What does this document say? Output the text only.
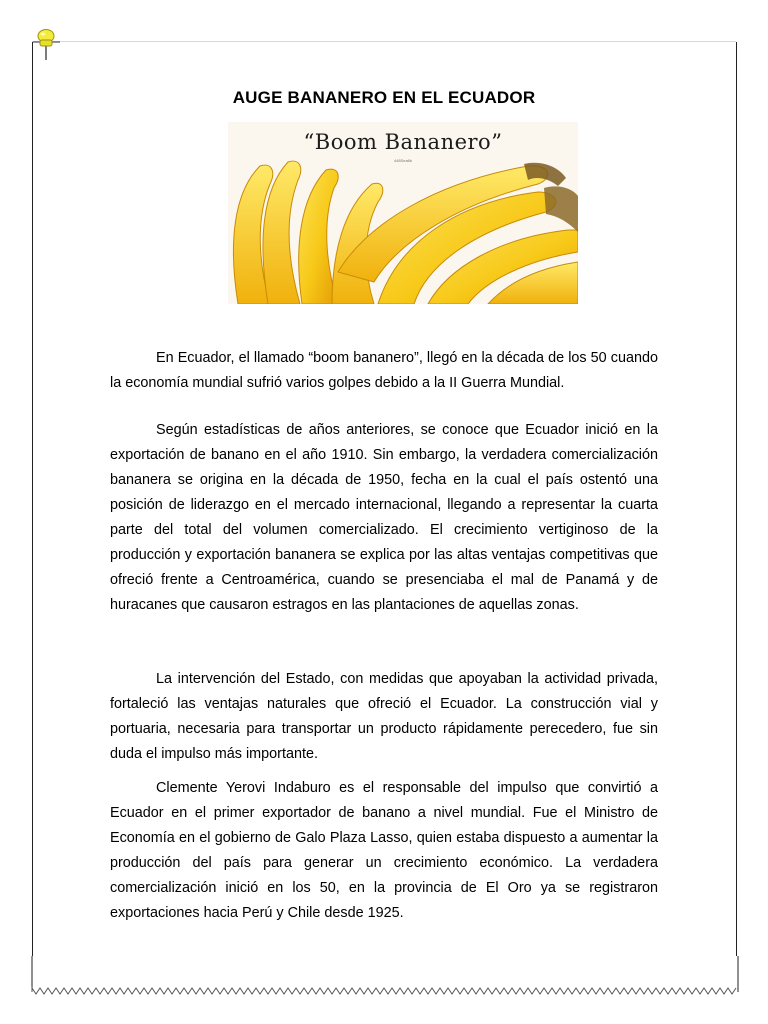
AUGE BANANERO EN EL ECUADOR
“Boom Bananero”
448Sea6b

En Ecuador, el llamado “boom bananero”, llegó en la década de los 50 cuando la economía mundial sufrió varios golpes debido a la II Guerra Mundial.

Según estadísticas de años anteriores, se conoce que Ecuador inició en la exportación de banano en el año 1910. Sin embargo, la verdadera comercialización bananera se origina en la década de 1950, fecha en la cual el país ostentó una posición de liderazgo en el mercado internacional, llegando a representar la cuarta parte del total del volumen comercializado. El crecimiento vertiginoso de la producción y exportación bananera se explica por las altas ventajas competitivas que ofreció frente a Centroamérica, cuando se presenciaba el mal de Panamá y de huracanes que causaron estragos en las plantaciones de aquellas zonas.

La intervención del Estado, con medidas que apoyaban la actividad privada, fortaleció las ventajas naturales que ofreció el Ecuador. La construcción vial y portuaria, necesaria para transportar un producto rápidamente perecedero, fue sin duda el impulso más importante.

Clemente Yerovi Indaburo es el responsable del impulso que convirtió a Ecuador en el primer exportador de banano a nivel mundial. Fue el Ministro de Economía en el gobierno de Galo Plaza Lasso, quien estaba dispuesto a aumentar la producción del país para generar un crecimiento económico. La verdadera comercialización inició en los 50, en la provincia de El Oro ya se registraron exportaciones hacia Perú y Chile desde 1925.
